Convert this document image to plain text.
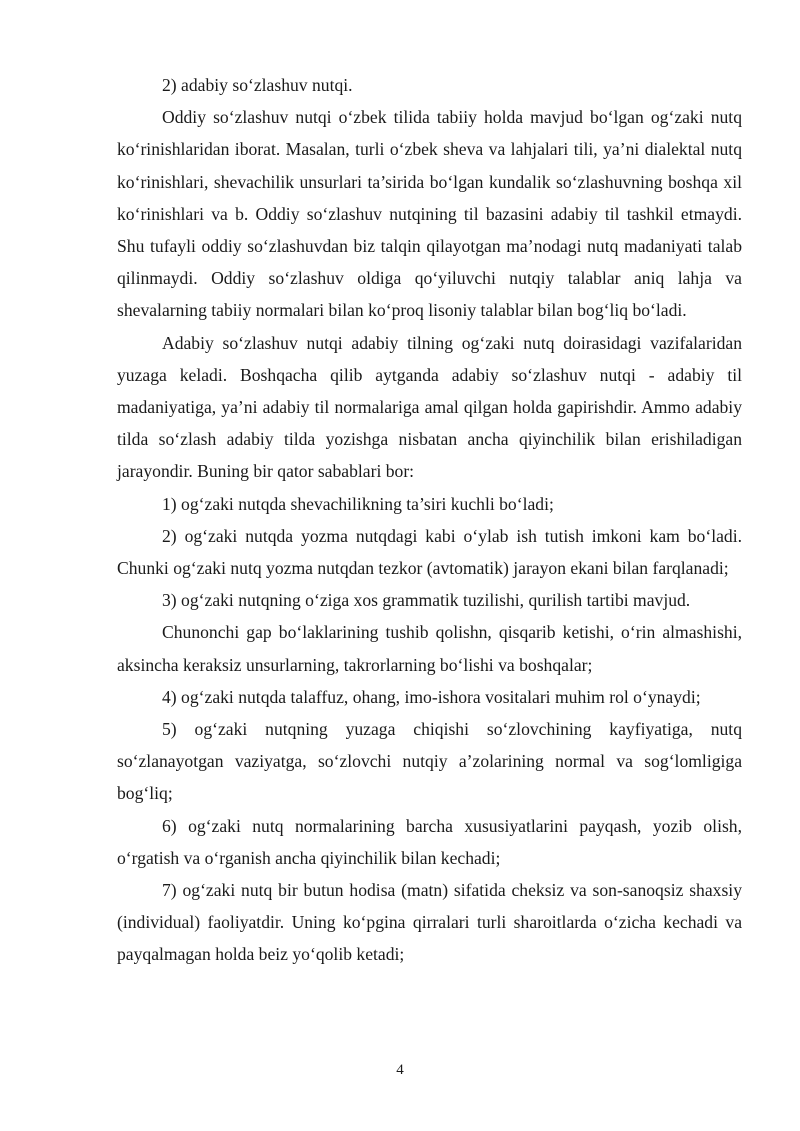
2) adabiy so‘zlashuv nutqi.

Oddiy so‘zlashuv nutqi o‘zbek tilida tabiiy holda mavjud bo‘lgan og‘zaki nutq ko‘rinishlaridan iborat. Masalan, turli o‘zbek sheva va lahjalari tili, ya’ni dialektal nutq ko‘rinishlari, shevachilik unsurlari ta’sirida bo‘lgan kundalik so‘zlashuvning boshqa xil ko‘rinishlari va b. Oddiy so‘zlashuv nutqining til bazasini adabiy til tashkil etmaydi. Shu tufayli oddiy so‘zlashuvdan biz talqin qilayotgan ma’nodagi nutq madaniyati talab qilinmaydi. Oddiy so‘zlashuv oldiga qo‘yiluvchi nutqiy talablar aniq lahja va shevalarning tabiiy normalari bilan ko‘proq lisoniy talablar bilan bog‘liq bo‘ladi.

Adabiy so‘zlashuv nutqi adabiy tilning og‘zaki nutq doirasidagi vazifalaridan yuzaga keladi. Boshqacha qilib aytganda adabiy so‘zlashuv nutqi - adabiy til madaniyatiga, ya’ni adabiy til normalariga amal qilgan holda gapirishdir. Ammo adabiy tilda so‘zlash adabiy tilda yozishga nisbatan ancha qiyinchilik bilan erishiladigan jarayondir. Buning bir qator sabablari bor:

1) og‘zaki nutqda shevachilikning ta’siri kuchli bo‘ladi;

2) og‘zaki nutqda yozma nutqdagi kabi o‘ylab ish tutish imkoni kam bo‘ladi. Chunki og‘zaki nutq yozma nutqdan tezkor (avtomatik) jarayon ekani bilan farqlanadi;

3) og‘zaki nutqning o‘ziga xos grammatik tuzilishi, qurilish tartibi mavjud.

Chunonchi gap bo‘laklarining tushib qolishn, qisqarib ketishi, o‘rin almashishi, aksincha keraksiz unsurlarning, takrorlarning bo‘lishi va boshqalar;

4) og‘zaki nutqda talaffuz, ohang, imo-ishora vositalari muhim rol o‘ynaydi;

5) og‘zaki nutqning yuzaga chiqishi so‘zlovchining kayfiyatiga, nutq so‘zlanayotgan vaziyatga, so‘zlovchi nutqiy a’zolarining normal va sog‘lomligiga bog‘liq;

6) og‘zaki nutq normalarining barcha xususiyatlarini payqash, yozib olish, o‘rgatish va o‘rganish ancha qiyinchilik bilan kechadi;

7) og‘zaki nutq bir butun hodisa (matn) sifatida cheksiz va son-sanoqsiz shaxsiy (individual) faoliyatdir. Uning ko‘pgina qirralari turli sharoitlarda o‘zicha kechadi va payqalmagan holda beiz yo‘qolib ketadi;

4
